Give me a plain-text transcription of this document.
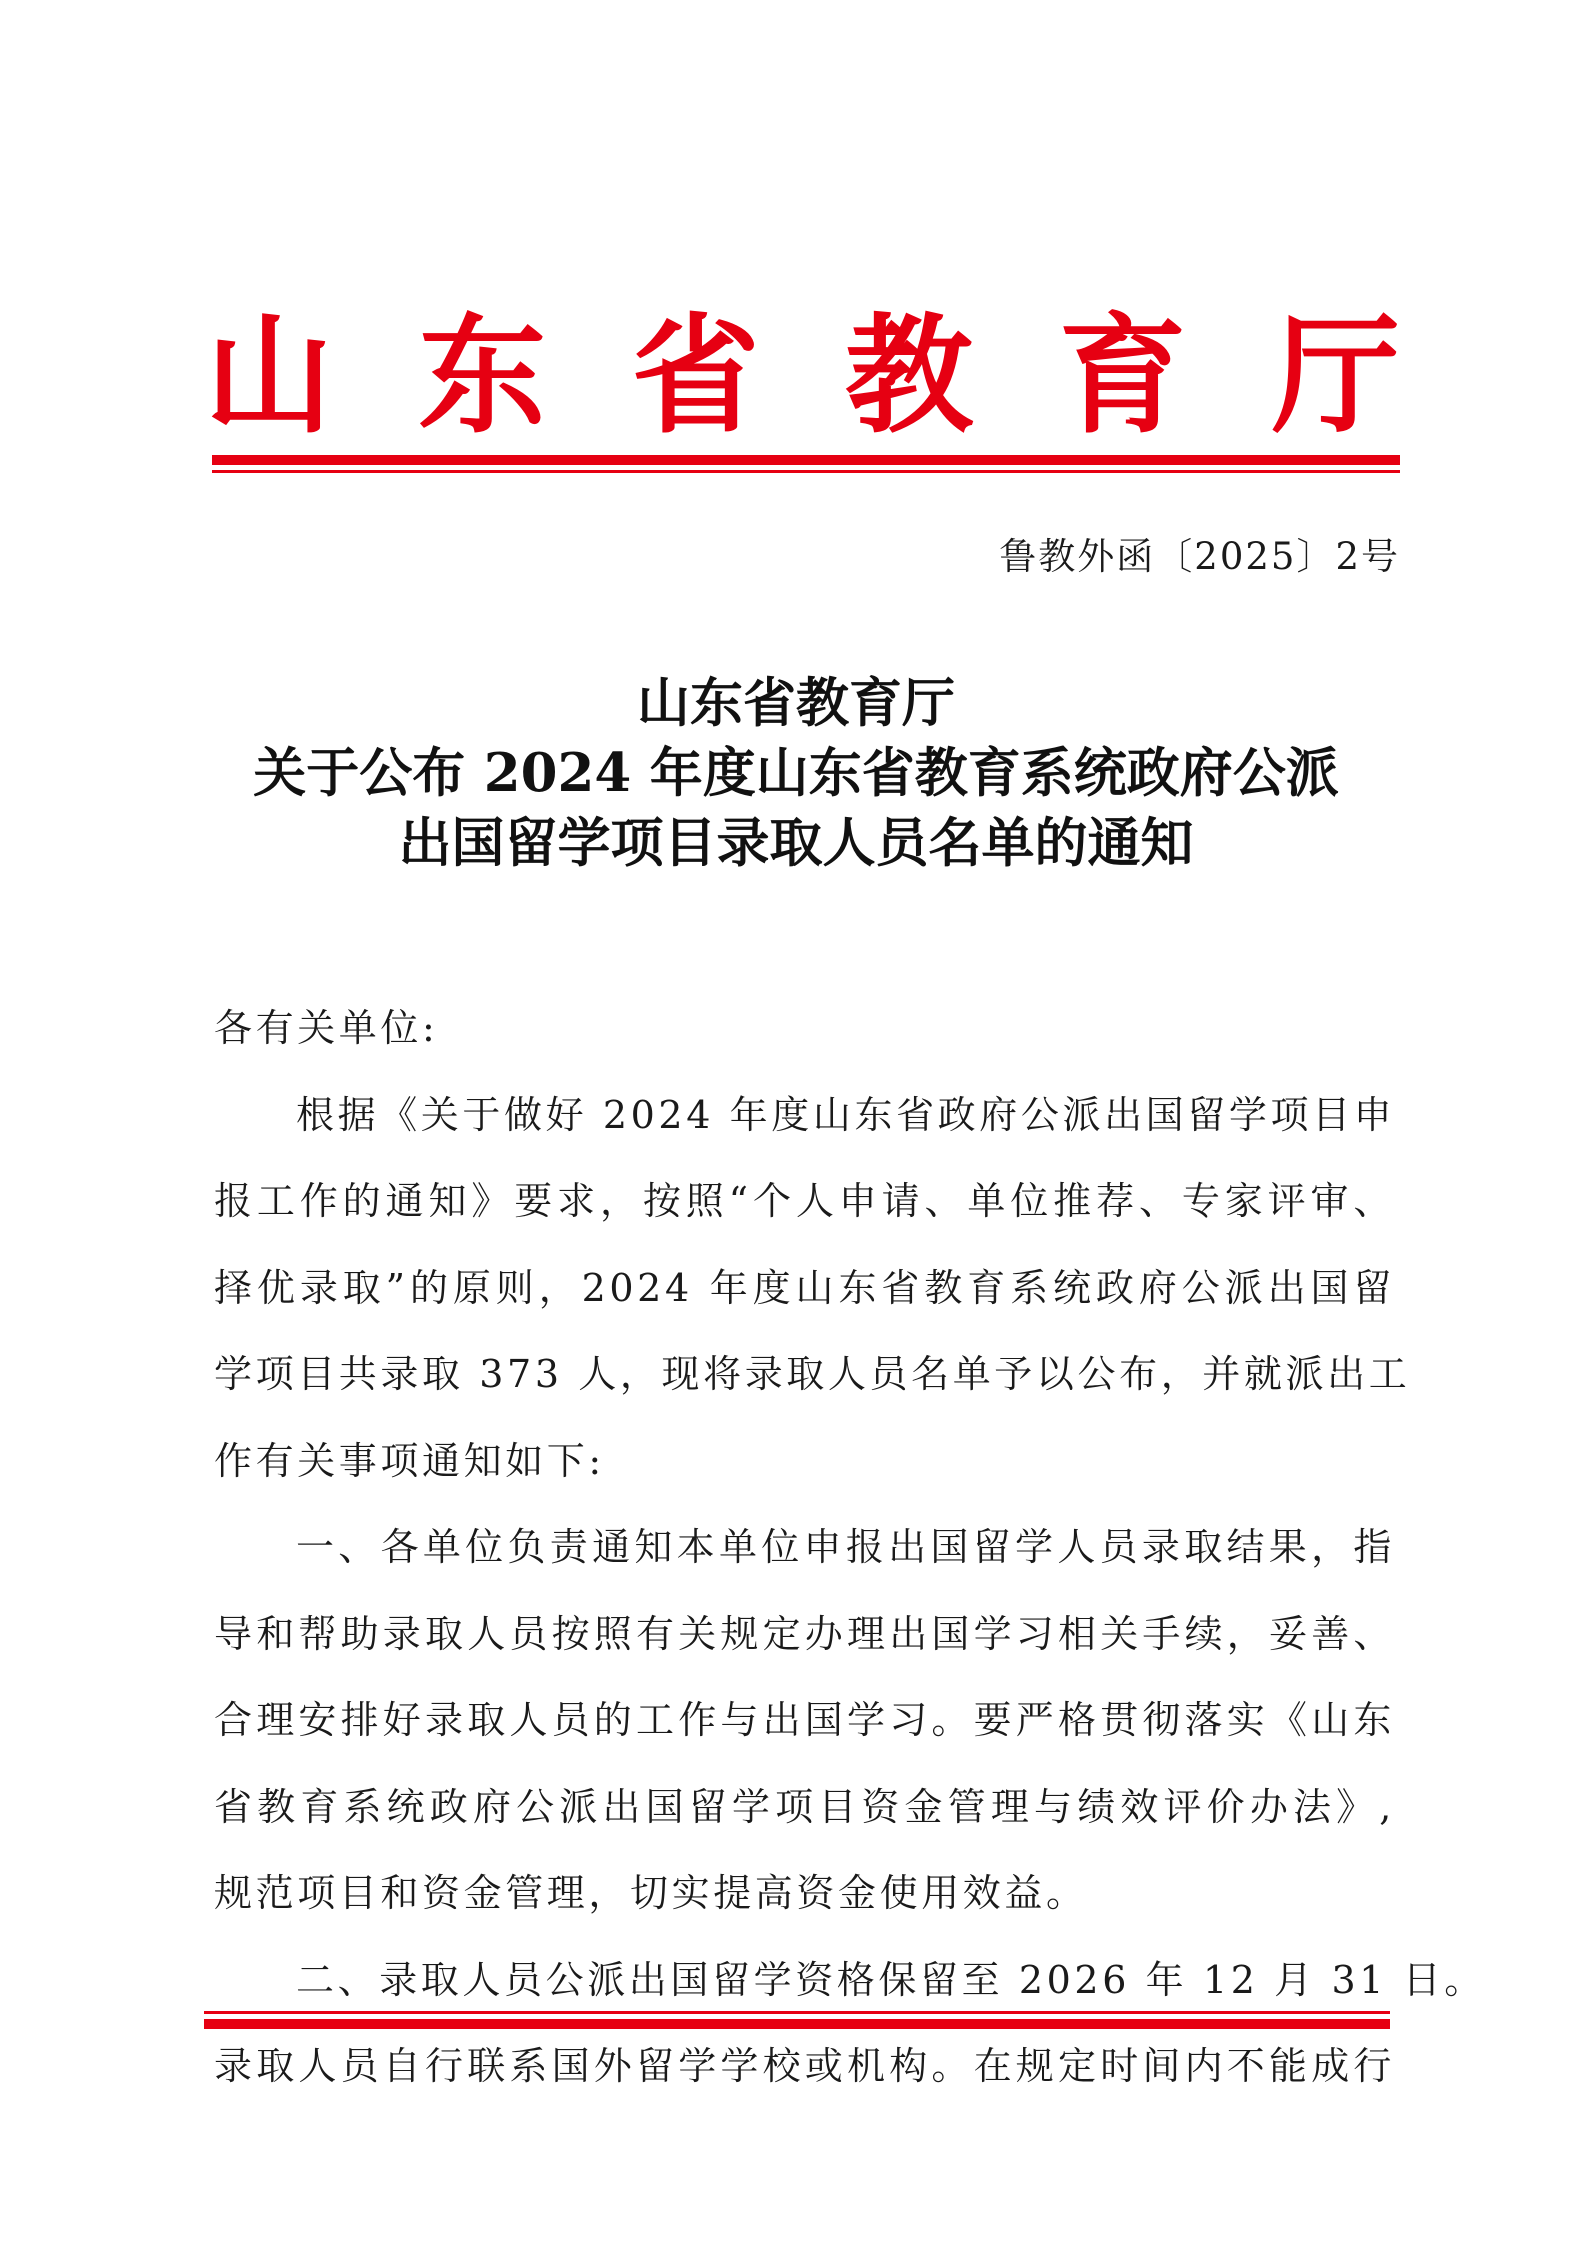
山 东 省 教 育 厅
鲁教外函〔2025〕2号
山东省教育厅
关于公布 2024 年度山东省教育系统政府公派
出国留学项目录取人员名单的通知
各有关单位:
根据《关于做好 2024 年度山东省政府公派出国留学项目申
报工作的通知》要求，按照“个人申请、单位推荐、专家评审、
择优录取”的原则，2024 年度山东省教育系统政府公派出国留
学项目共录取 373 人，现将录取人员名单予以公布，并就派出工
作有关事项通知如下:
一、各单位负责通知本单位申报出国留学人员录取结果，指
导和帮助录取人员按照有关规定办理出国学习相关手续，妥善、
合理安排好录取人员的工作与出国学习。要严格贯彻落实《山东
省教育系统政府公派出国留学项目资金管理与绩效评价办法》,
规范项目和资金管理，切实提高资金使用效益。
二、录取人员公派出国留学资格保留至 2026 年 12 月 31 日。
录取人员自行联系国外留学学校或机构。在规定时间内不能成行
